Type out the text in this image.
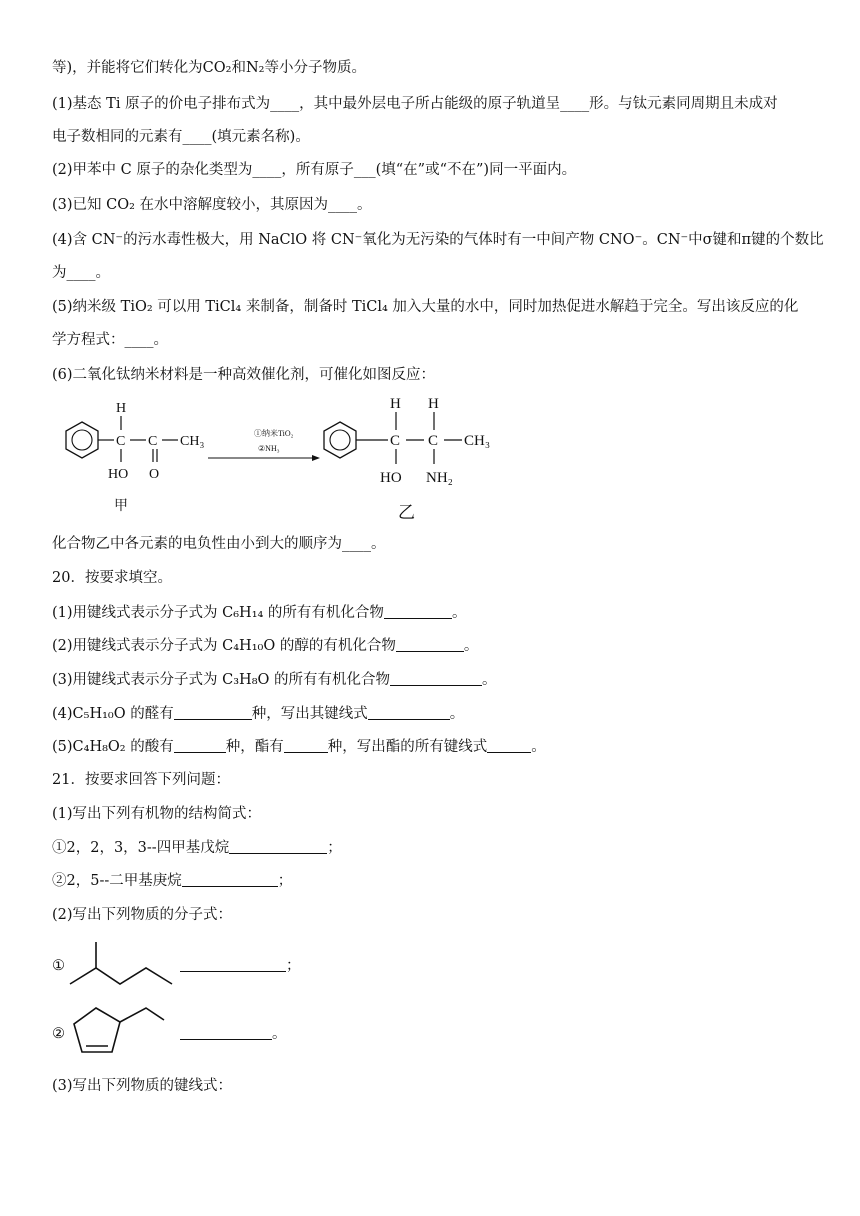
等)，并能将它们转化为CO₂和N₂等小分子物质。
(1)基态 Ti 原子的价电子排布式为____，其中最外层电子所占能级的原子轨道呈____形。与钛元素同周期且未成对
电子数相同的元素有____(填元素名称)。
(2)甲苯中 C 原子的杂化类型为____，所有原子___(填“在”或“不在”)同一平面内。
(3)已知 CO₂ 在水中溶解度较小，其原因为____。
(4)含 CN⁻的污水毒性极大，用 NaClO 将 CN⁻氧化为无污染的气体时有一中间产物 CNO⁻。CN⁻中σ键和π键的个数比
为____。
(5)纳米级 TiO₂ 可以用 TiCl₄ 来制备，制备时 TiCl₄ 加入大量的水中，同时加热促进水解趋于完全。写出该反应的化
学方程式：____。
(6)二氧化钛纳米材料是一种高效催化剂，可催化如图反应：
H
C
HO
C
O
CH₃
甲
①纳米TiO₂
②NH₃
H
C
HO
H
C
NH₂
CH₃
乙
化合物乙中各元素的电负性由小到大的顺序为____。
20．按要求填空。
(1)用键线式表示分子式为 C₆H₁₄ 的所有有机化合物	。
(2)用键线式表示分子式为 C₄H₁₀O 的醇的有机化合物	。
(3)用键线式表示分子式为 C₃H₈O 的所有有机化合物	。
(4)C₅H₁₀O 的醛有	种，写出其键线式	。
(5)C₄H₈O₂ 的酸有	种，酯有	种，写出酯的所有键线式	。
21．按要求回答下列问题：
(1)写出下列有机物的结构简式：
①2，2，3，3--四甲基戊烷	；
②2，5--二甲基庚烷	；
(2)写出下列物质的分子式：
①	；
②	。
(3)写出下列物质的键线式：
